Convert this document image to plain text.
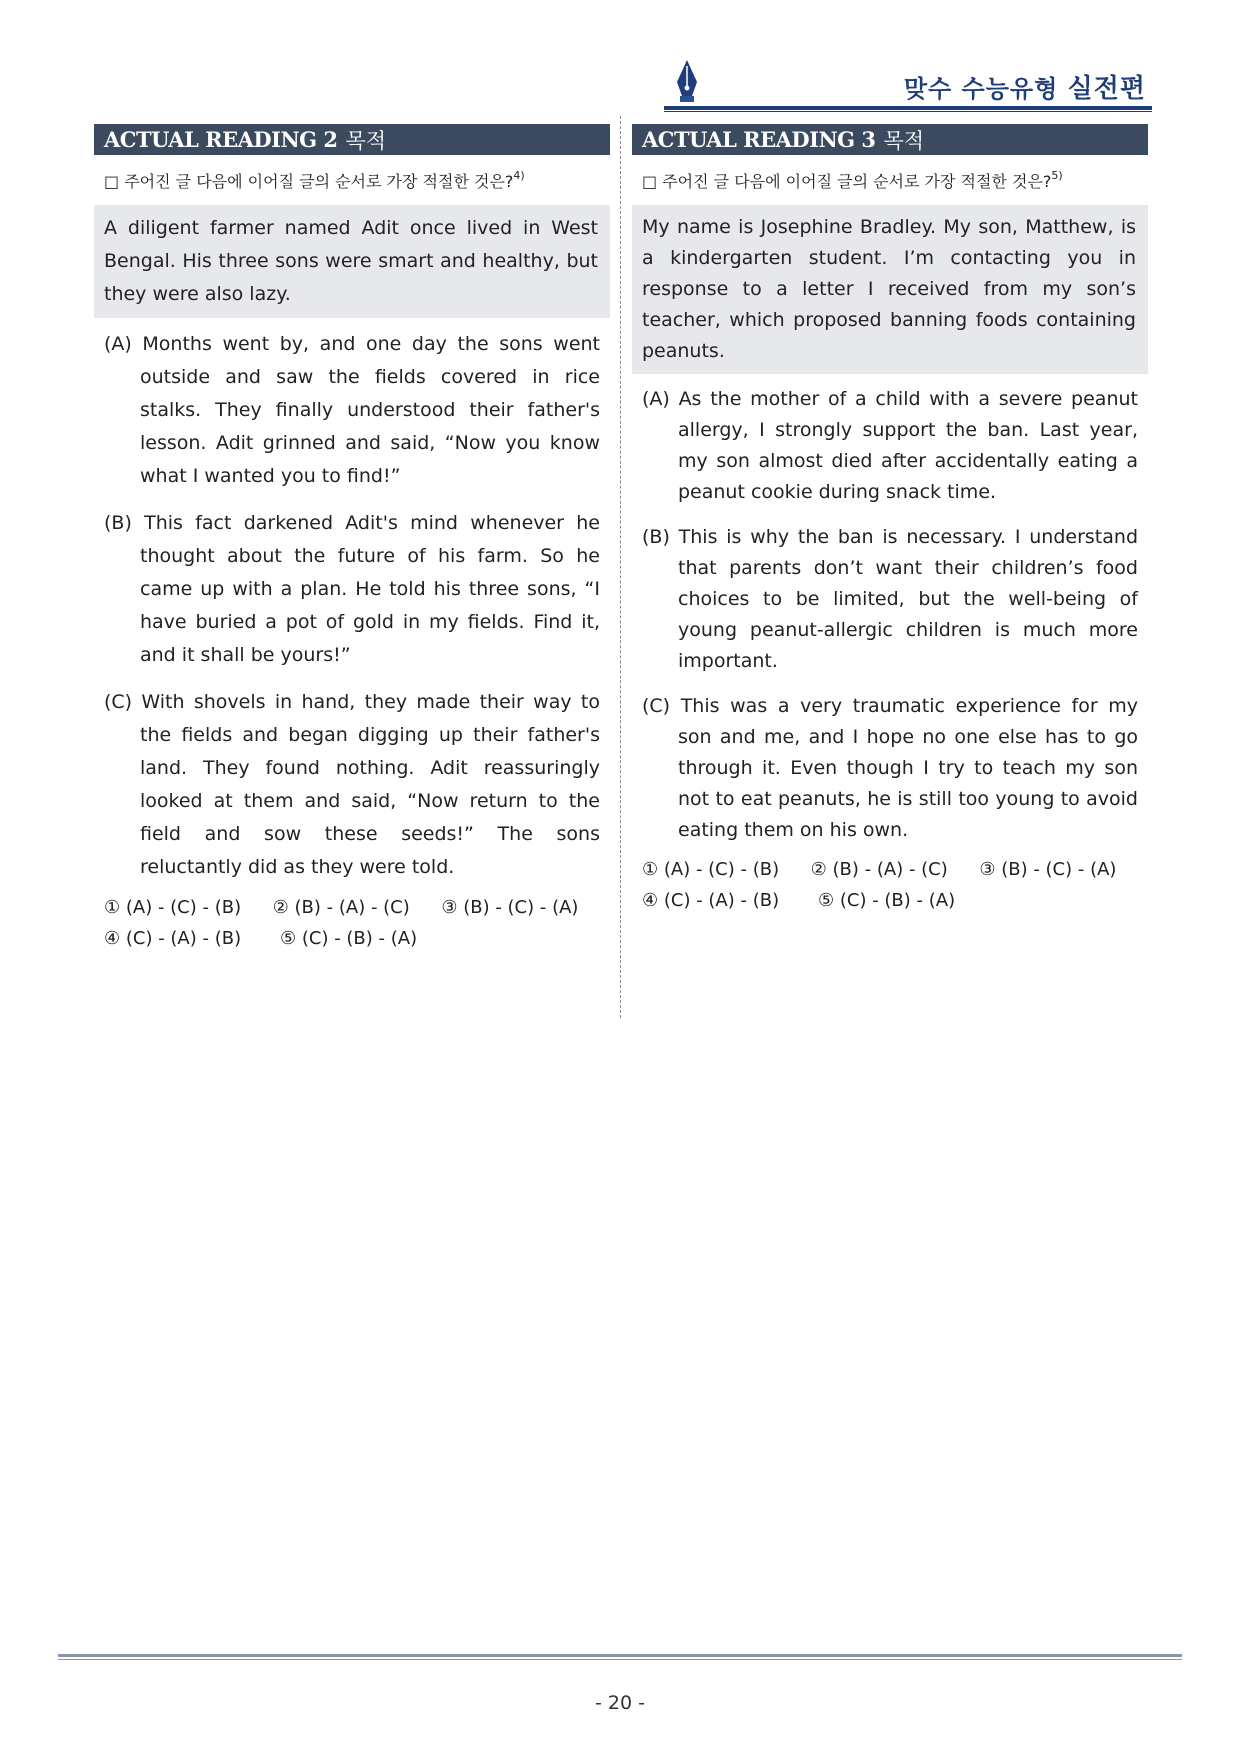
맞수 수능유형 실전편
ACTUAL READING 2 목적
□ 주어진 글 다음에 이어질 글의 순서로 가장 적절한 것은?$^{4)}$
A diligent farmer named Adit once lived in West Bengal. His three sons were smart and healthy, but they were also lazy.
(A) Months went by, and one day the sons went outside and saw the fields covered in rice stalks. They finally understood their father's lesson. Adit grinned and said, “Now you know what I wanted you to find!”
(B) This fact darkened Adit's mind whenever he thought about the future of his farm. So he came up with a plan. He told his three sons, “I have buried a pot of gold in my fields. Find it, and it shall be yours!”
(C) With shovels in hand, they made their way to the fields and began digging up their father's land. They found nothing. Adit reassuringly looked at them and said, “Now return to the field and sow these seeds!” The sons reluctantly did as they were told.
① (A) - (C) - (B)	② (B) - (A) - (C)	③ (B) - (C) - (A)
④ (C) - (A) - (B)	⑤ (C) - (B) - (A)
ACTUAL READING 3 목적
□ 주어진 글 다음에 이어질 글의 순서로 가장 적절한 것은?$^{5)}$
My name is Josephine Bradley. My son, Matthew, is a kindergarten student. I’m contacting you in response to a letter I received from my son’s teacher, which proposed banning foods containing peanuts.
(A) As the mother of a child with a severe peanut allergy, I strongly support the ban. Last year, my son almost died after accidentally eating a peanut cookie during snack time.
(B) This is why the ban is necessary. I understand that parents don’t want their children’s food choices to be limited, but the well-being of young peanut-allergic children is much more important.
(C) This was a very traumatic experience for my son and me, and I hope no one else has to go through it. Even though I try to teach my son not to eat peanuts, he is still too young to avoid eating them on his own.
① (A) - (C) - (B)	② (B) - (A) - (C)	③ (B) - (C) - (A)
④ (C) - (A) - (B)	⑤ (C) - (B) - (A)
- 20 -
